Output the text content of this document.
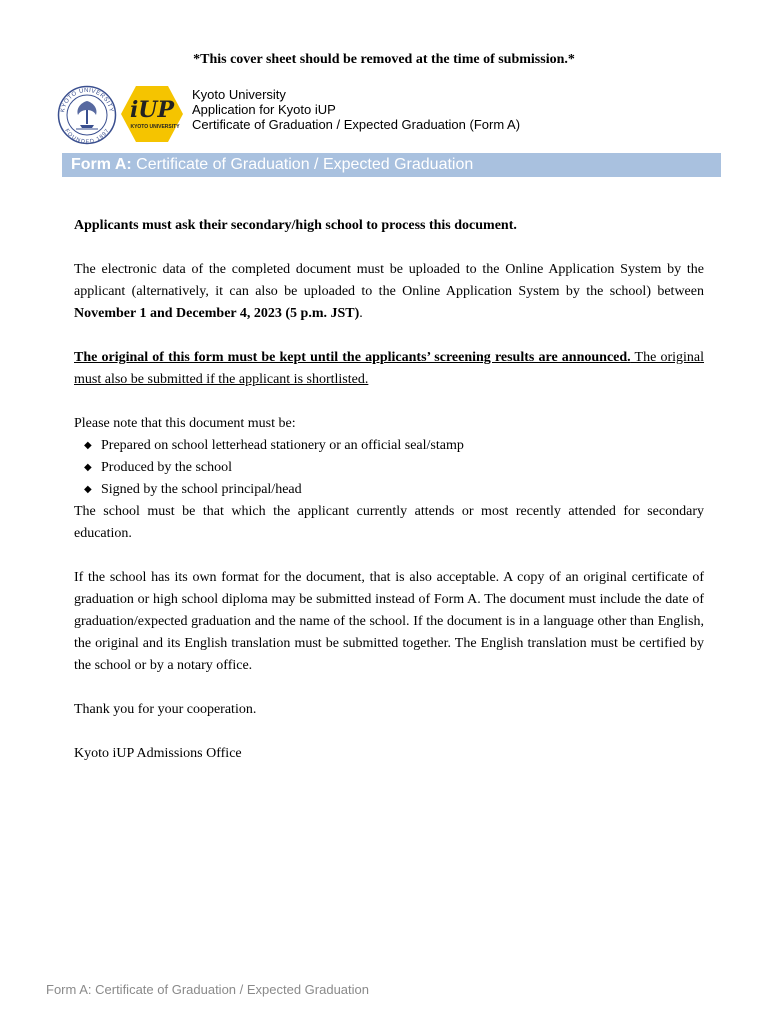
*This cover sheet should be removed at the time of submission.*
KYOTO UNIVERSITY
FOUNDED 1897
iUP
KYOTO UNIVERSITY
Kyoto University
Application for Kyoto iUP
Certificate of Graduation / Expected Graduation (Form A)
Form A: Certificate of Graduation / Expected Graduation

Applicants must ask their secondary/high school to process this document.

The electronic data of the completed document must be uploaded to the Online Application System by the applicant (alternatively, it can also be uploaded to the Online Application System by the school) between November 1 and December 4, 2023 (5 p.m. JST).

The original of this form must be kept until the applicants’ screening results are announced. The original must also be submitted if the applicant is shortlisted.

Please note that this document must be:

◆ Prepared on school letterhead stationery or an official seal/stamp
◆ Produced by the school
◆ Signed by the school principal/head

The school must be that which the applicant currently attends or most recently attended for secondary education.

If the school has its own format for the document, that is also acceptable. A copy of an original certificate of graduation or high school diploma may be submitted instead of Form A. The document must include the date of graduation/expected graduation and the name of the school. If the document is in a language other than English, the original and its English translation must be submitted together. The English translation must be certified by the school or by a notary office.

Thank you for your cooperation.

Kyoto iUP Admissions Office

Form A: Certificate of Graduation / Expected Graduation
